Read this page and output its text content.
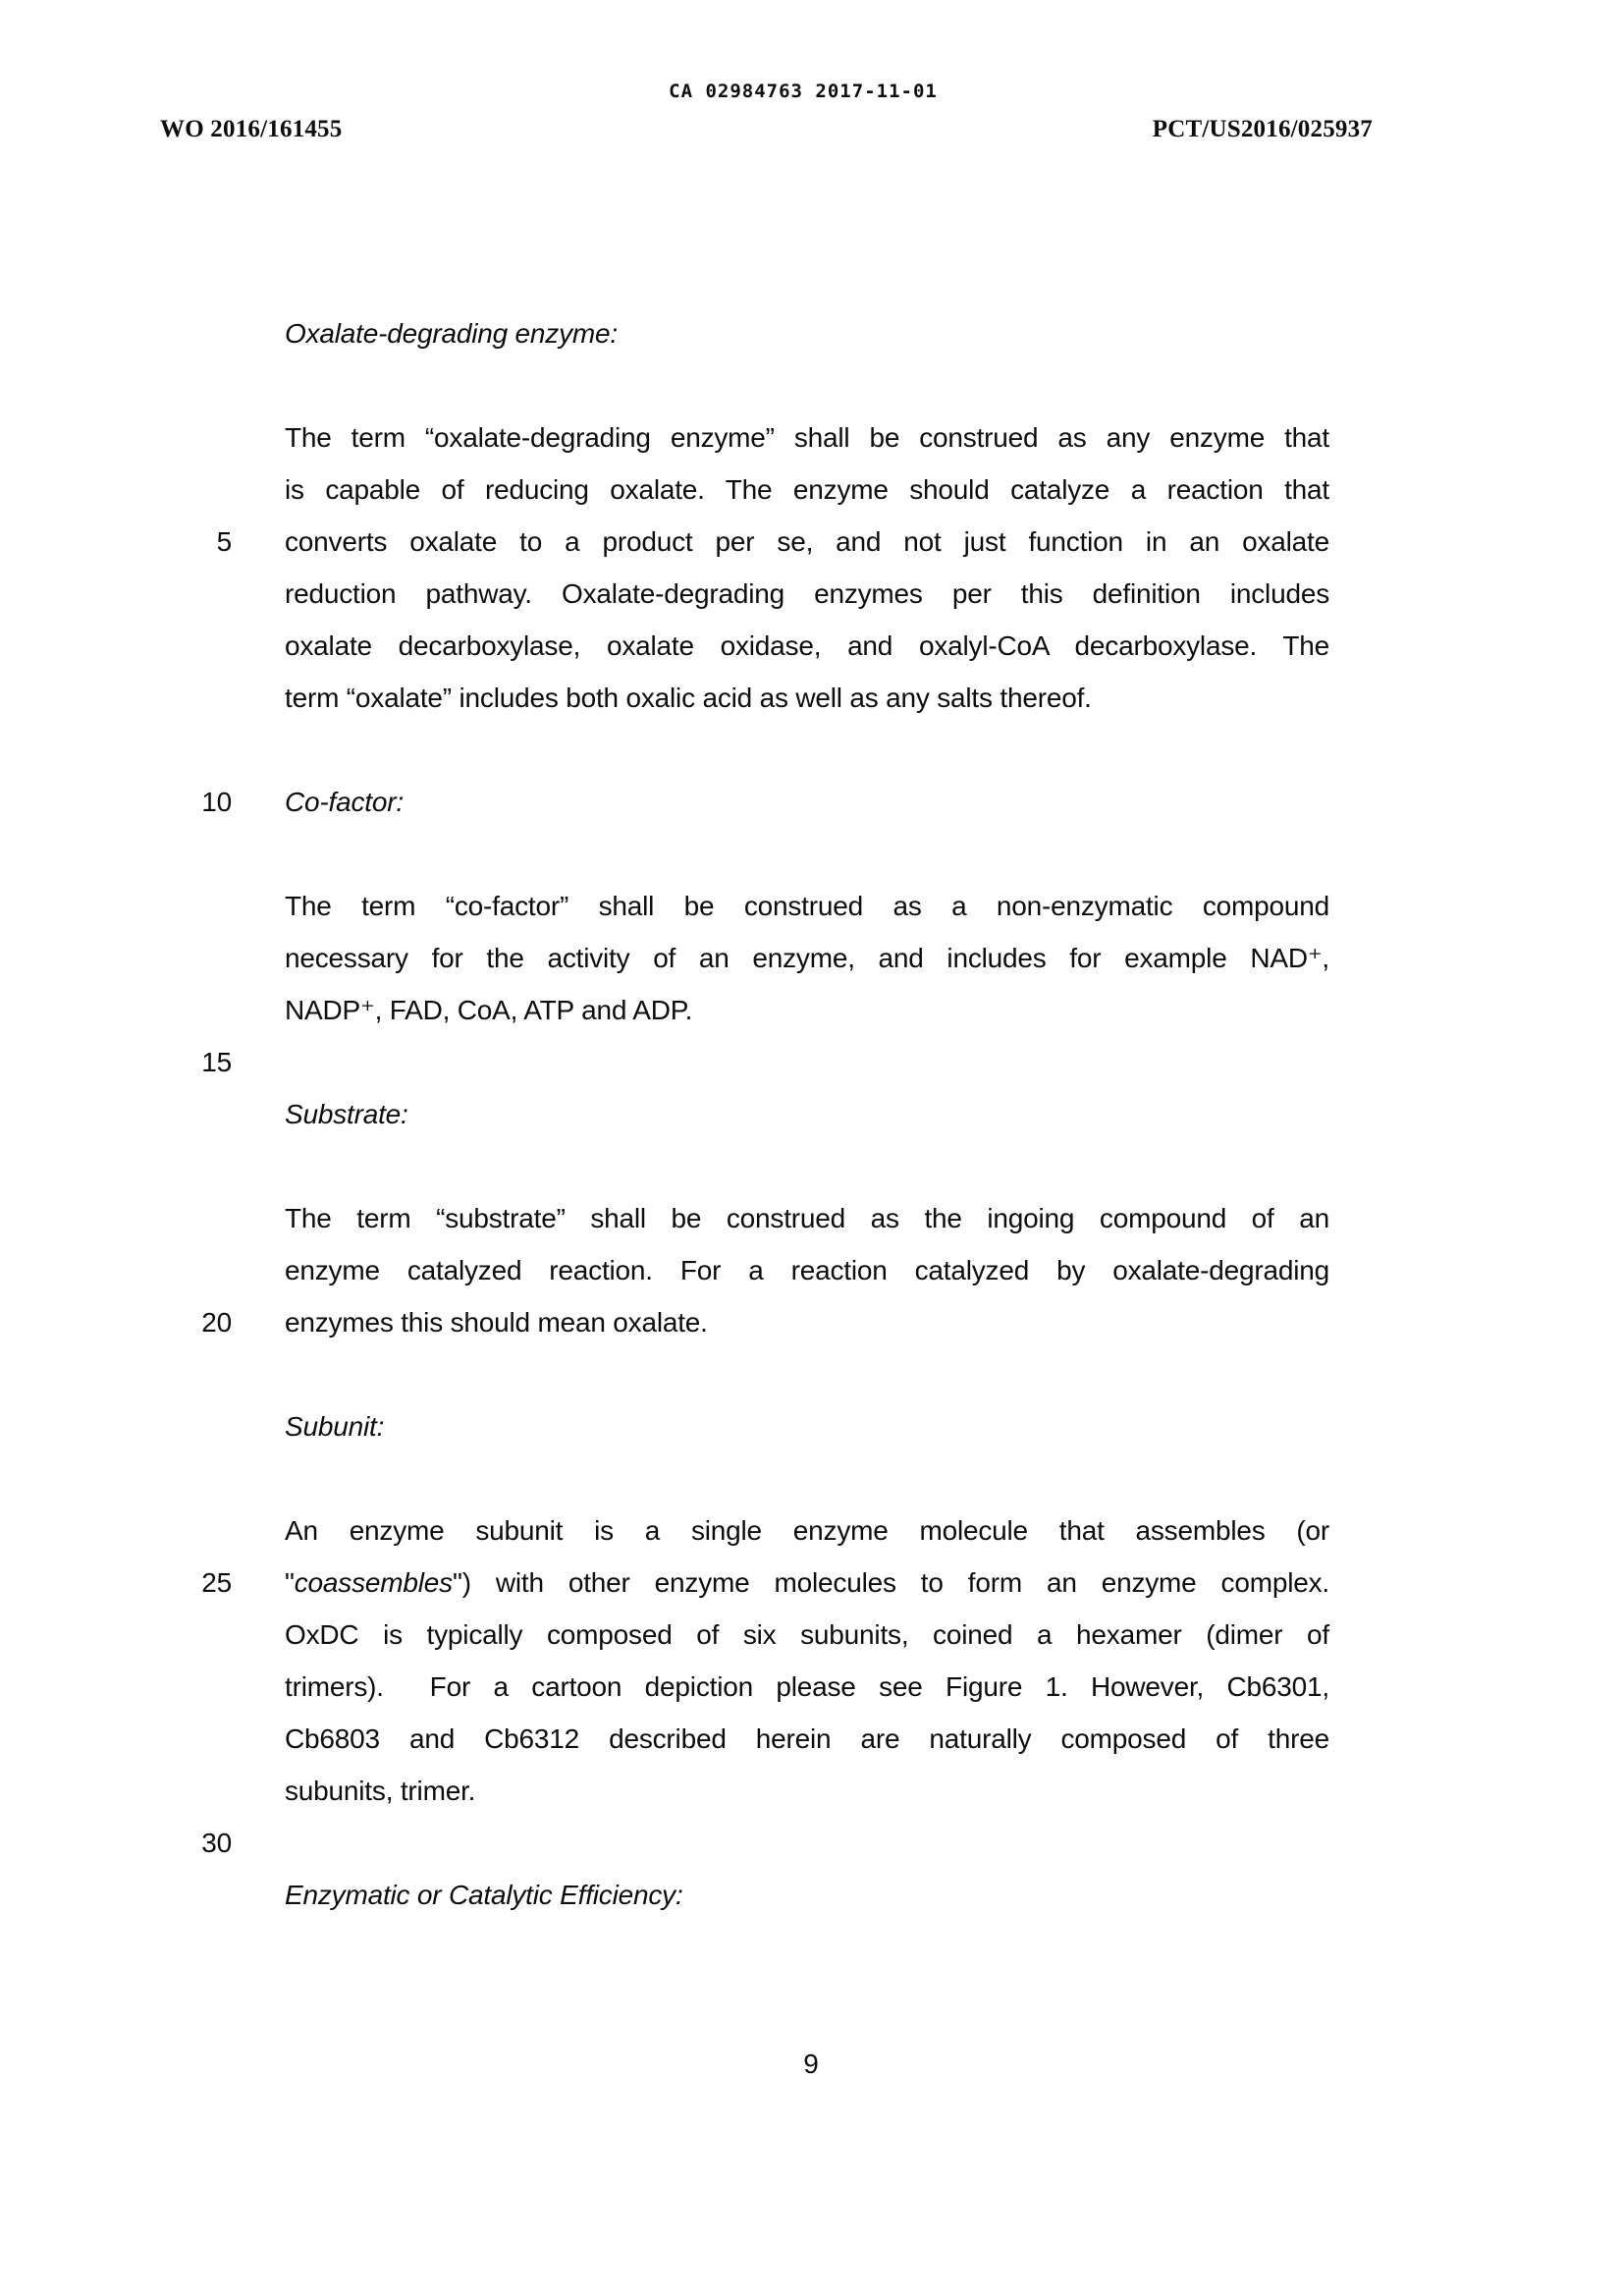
CA 02984763 2017-11-01
WO 2016/161455	PCT/US2016/025937
Oxalate-degrading enzyme:
The term “oxalate-degrading enzyme” shall be construed as any enzyme that
is capable of reducing oxalate. The enzyme should catalyze a reaction that
5 converts oxalate to a product per se, and not just function in an oxalate
reduction pathway. Oxalate-degrading enzymes per this definition includes
oxalate decarboxylase, oxalate oxidase, and oxalyl-CoA decarboxylase. The
term “oxalate” includes both oxalic acid as well as any salts thereof.
10 Co-factor:
The term “co-factor” shall be construed as a non-enzymatic compound
necessary for the activity of an enzyme, and includes for example NAD⁺,
NADP⁺, FAD, CoA, ATP and ADP.
15
Substrate:
The term “substrate” shall be construed as the ingoing compound of an
enzyme catalyzed reaction. For a reaction catalyzed by oxalate-degrading
20 enzymes this should mean oxalate.
Subunit:
An enzyme subunit is a single enzyme molecule that assembles (or
25 "coassembles") with other enzyme molecules to form an enzyme complex.
OxDC is typically composed of six subunits, coined a hexamer (dimer of
trimers).  For a cartoon depiction please see Figure 1. However, Cb6301,
Cb6803 and Cb6312 described herein are naturally composed of three
subunits, trimer.
30
Enzymatic or Catalytic Efficiency:
9
